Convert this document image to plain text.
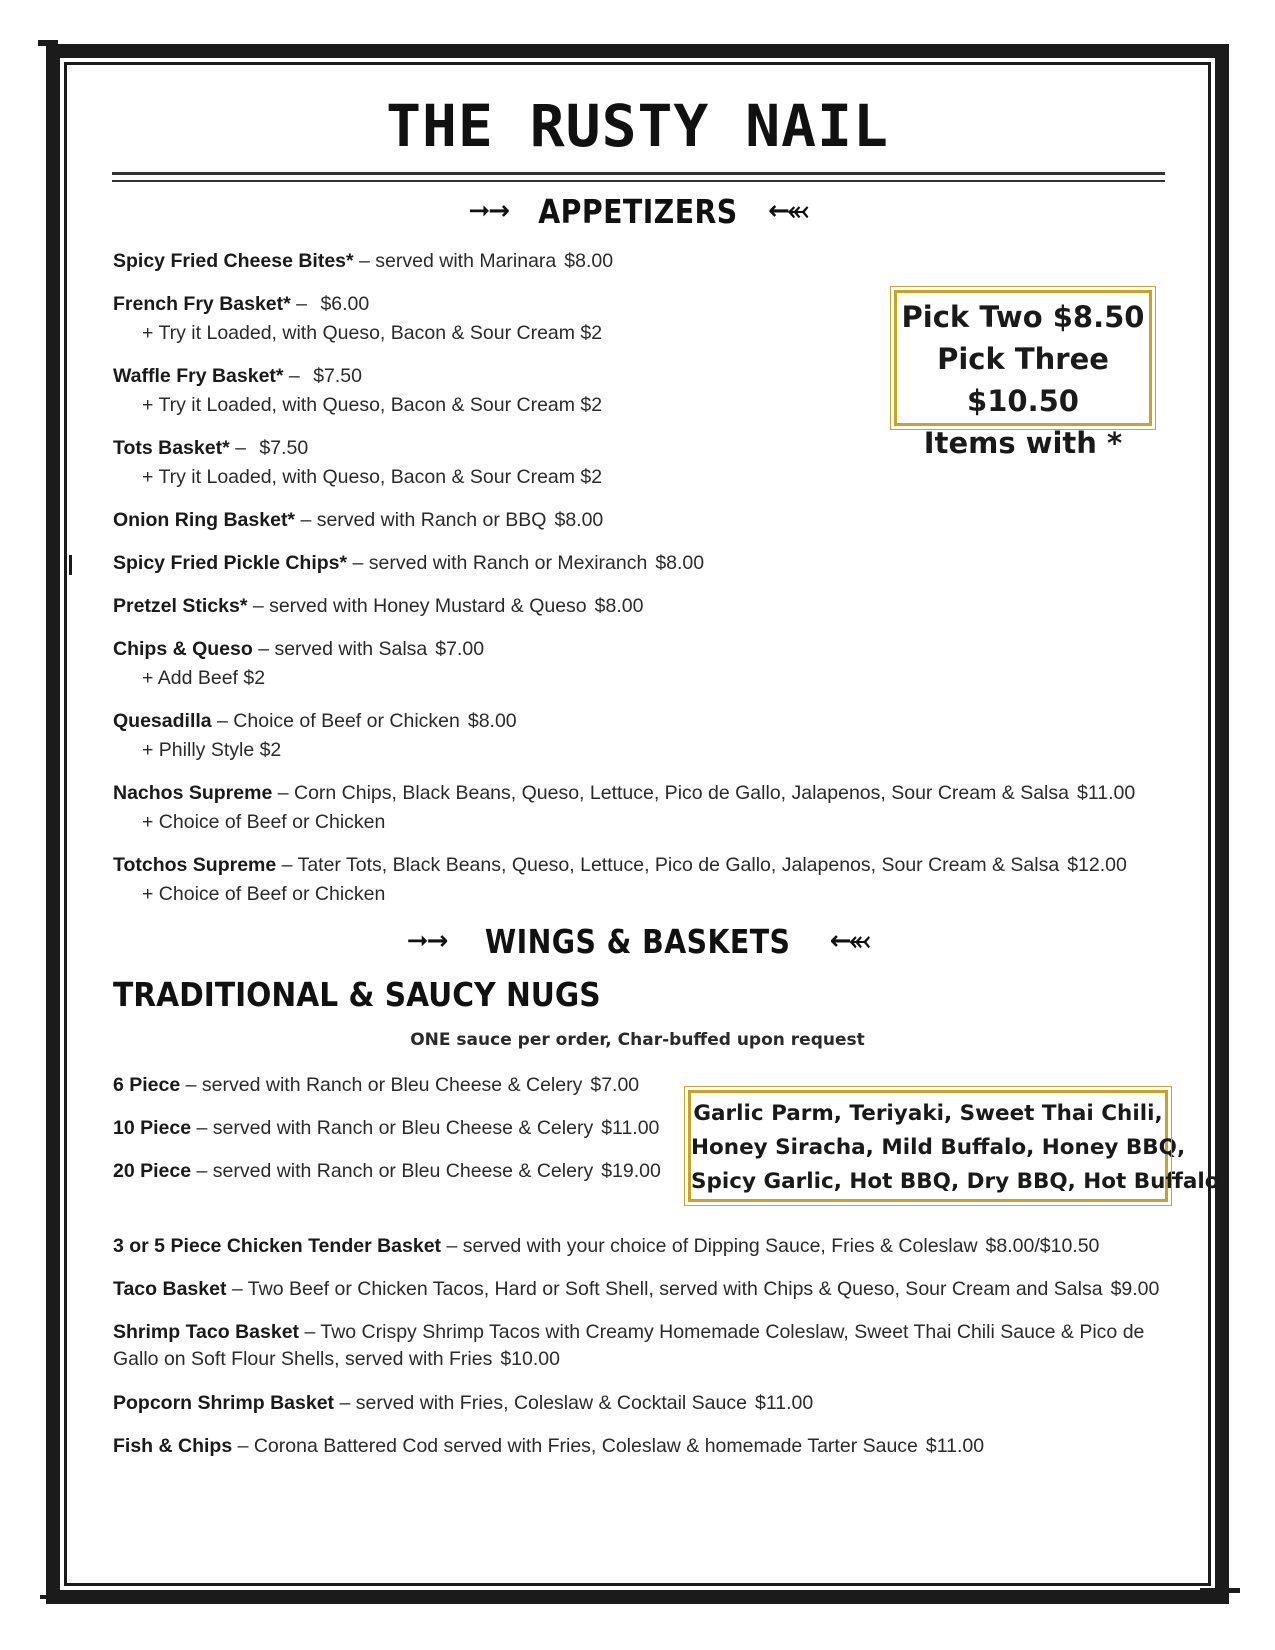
THE RUSTY NAIL
➞→ APPETIZERS ←⬻
Spicy Fried Cheese Bites* – served with Marinara $8.00
French Fry Basket* – $6.00
+ Try it Loaded, with Queso, Bacon & Sour Cream $2
Waffle Fry Basket* – $7.50
+ Try it Loaded, with Queso, Bacon & Sour Cream $2
Tots Basket* – $7.50
+ Try it Loaded, with Queso, Bacon & Sour Cream $2
Onion Ring Basket* – served with Ranch or BBQ $8.00
Spicy Fried Pickle Chips* – served with Ranch or Mexiranch $8.00
Pretzel Sticks* – served with Honey Mustard & Queso $8.00
Chips & Queso – served with Salsa $7.00
+ Add Beef $2
Quesadilla – Choice of Beef or Chicken $8.00
+ Philly Style $2
Nachos Supreme – Corn Chips, Black Beans, Queso, Lettuce, Pico de Gallo, Jalapenos, Sour Cream & Salsa $11.00
+ Choice of Beef or Chicken
Totchos Supreme – Tater Tots, Black Beans, Queso, Lettuce, Pico de Gallo, Jalapenos, Sour Cream & Salsa $12.00
+ Choice of Beef or Chicken
Pick Two $8.50
Pick Three $10.50
Items with *
➞→ WINGS & BASKETS ←⬻
TRADITIONAL & SAUCY NUGS
ONE sauce per order, Char-buffed upon request
6 Piece – served with Ranch or Bleu Cheese & Celery $7.00
10 Piece – served with Ranch or Bleu Cheese & Celery $11.00
20 Piece – served with Ranch or Bleu Cheese & Celery $19.00
Garlic Parm, Teriyaki, Sweet Thai Chili,
Honey Siracha, Mild Buffalo, Honey BBQ,
Spicy Garlic, Hot BBQ, Dry BBQ, Hot Buffalo
3 or 5 Piece Chicken Tender Basket – served with your choice of Dipping Sauce, Fries & Coleslaw $8.00/$10.50
Taco Basket – Two Beef or Chicken Tacos, Hard or Soft Shell, served with Chips & Queso, Sour Cream and Salsa $9.00
Shrimp Taco Basket – Two Crispy Shrimp Tacos with Creamy Homemade Coleslaw, Sweet Thai Chili Sauce & Pico de
Gallo on Soft Flour Shells, served with Fries $10.00
Popcorn Shrimp Basket – served with Fries, Coleslaw & Cocktail Sauce $11.00
Fish & Chips – Corona Battered Cod served with Fries, Coleslaw & homemade Tarter Sauce $11.00
